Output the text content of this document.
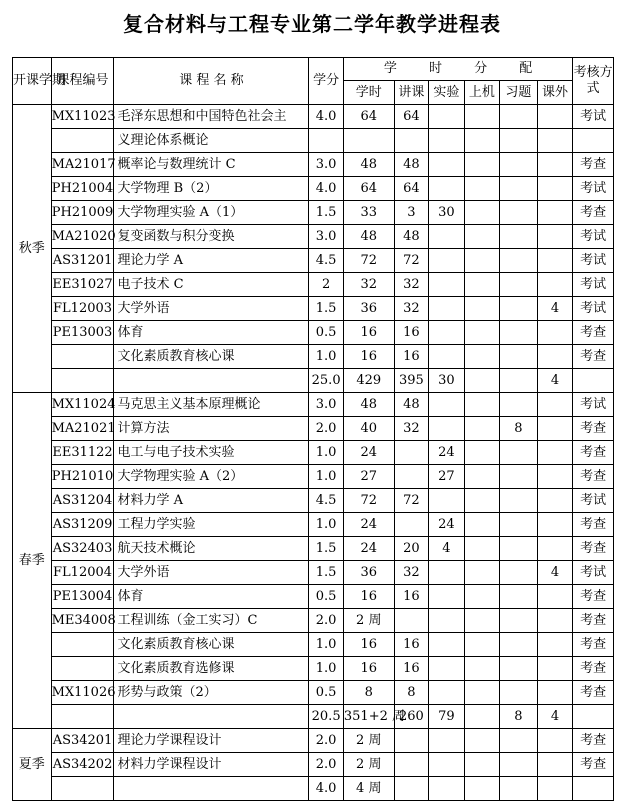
复合材料与工程专业第二学年教学进程表
开课学期	课程编号	课 程 名 称	学分	学 时 分 配						考核方式
				学时	讲课	实验	上机	习题	课外	
秋季	MX11023	毛泽东思想和中国特色社会主	4.0	64	64					考试
		义理论体系概论								
	MA21017	概率论与数理统计 C	3.0	48	48					考查
	PH21004	大学物理 B（2）	4.0	64	64					考试
	PH21009	大学物理实验 A（1）	1.5	33	3	30				考查
	MA21020	复变函数与积分变换	3.0	48	48					考试
	AS31201	理论力学 A	4.5	72	72					考试
	EE31027	电子技术 C	2	32	32					考试
	FL12003	大学外语	1.5	36	32				4	考试
	PE13003	体育	0.5	16	16					考查
		文化素质教育核心课	1.0	16	16					考查
			25.0	429	395	30			4	
春季	MX11024	马克思主义基本原理概论	3.0	48	48					考试
	MA21021	计算方法	2.0	40	32			8		考查
	EE31122	电工与电子技术实验	1.0	24		24				考查
	PH21010	大学物理实验 A（2）	1.0	27		27				考查
	AS31204	材料力学 A	4.5	72	72					考试
	AS31209	工程力学实验	1.0	24		24				考查
	AS32403	航天技术概论	1.5	24	20	4				考查
	FL12004	大学外语	1.5	36	32				4	考试
	PE13004	体育	0.5	16	16					考查
	ME34008	工程训练（金工实习）C	2.0	2 周						考查
		文化素质教育核心课	1.0	16	16					考查
		文化素质教育选修课	1.0	16	16					考查
	MX11026	形势与政策（2）	0.5	8	8					考查
			20.5	351+2 周	260	79		8	4	
夏季	AS34201	理论力学课程设计	2.0	2 周						考查
	AS34202	材料力学课程设计	2.0	2 周						考查
			4.0	4 周						
